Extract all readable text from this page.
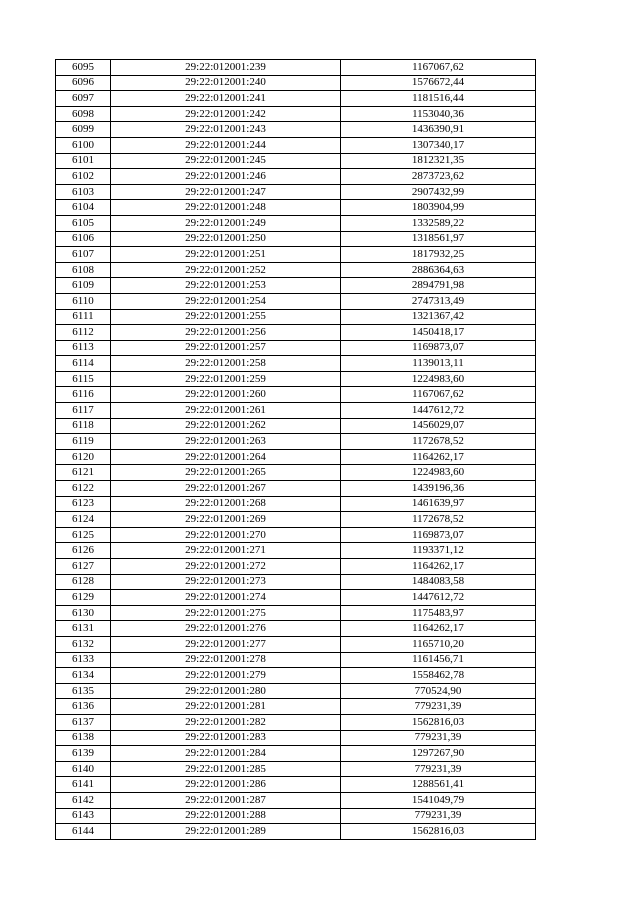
6095	29:22:012001:239	1167067,62
6096	29:22:012001:240	1576672,44
6097	29:22:012001:241	1181516,44
6098	29:22:012001:242	1153040,36
6099	29:22:012001:243	1436390,91
6100	29:22:012001:244	1307340,17
6101	29:22:012001:245	1812321,35
6102	29:22:012001:246	2873723,62
6103	29:22:012001:247	2907432,99
6104	29:22:012001:248	1803904,99
6105	29:22:012001:249	1332589,22
6106	29:22:012001:250	1318561,97
6107	29:22:012001:251	1817932,25
6108	29:22:012001:252	2886364,63
6109	29:22:012001:253	2894791,98
6110	29:22:012001:254	2747313,49
6111	29:22:012001:255	1321367,42
6112	29:22:012001:256	1450418,17
6113	29:22:012001:257	1169873,07
6114	29:22:012001:258	1139013,11
6115	29:22:012001:259	1224983,60
6116	29:22:012001:260	1167067,62
6117	29:22:012001:261	1447612,72
6118	29:22:012001:262	1456029,07
6119	29:22:012001:263	1172678,52
6120	29:22:012001:264	1164262,17
6121	29:22:012001:265	1224983,60
6122	29:22:012001:267	1439196,36
6123	29:22:012001:268	1461639,97
6124	29:22:012001:269	1172678,52
6125	29:22:012001:270	1169873,07
6126	29:22:012001:271	1193371,12
6127	29:22:012001:272	1164262,17
6128	29:22:012001:273	1484083,58
6129	29:22:012001:274	1447612,72
6130	29:22:012001:275	1175483,97
6131	29:22:012001:276	1164262,17
6132	29:22:012001:277	1165710,20
6133	29:22:012001:278	1161456,71
6134	29:22:012001:279	1558462,78
6135	29:22:012001:280	770524,90
6136	29:22:012001:281	779231,39
6137	29:22:012001:282	1562816,03
6138	29:22:012001:283	779231,39
6139	29:22:012001:284	1297267,90
6140	29:22:012001:285	779231,39
6141	29:22:012001:286	1288561,41
6142	29:22:012001:287	1541049,79
6143	29:22:012001:288	779231,39
6144	29:22:012001:289	1562816,03
